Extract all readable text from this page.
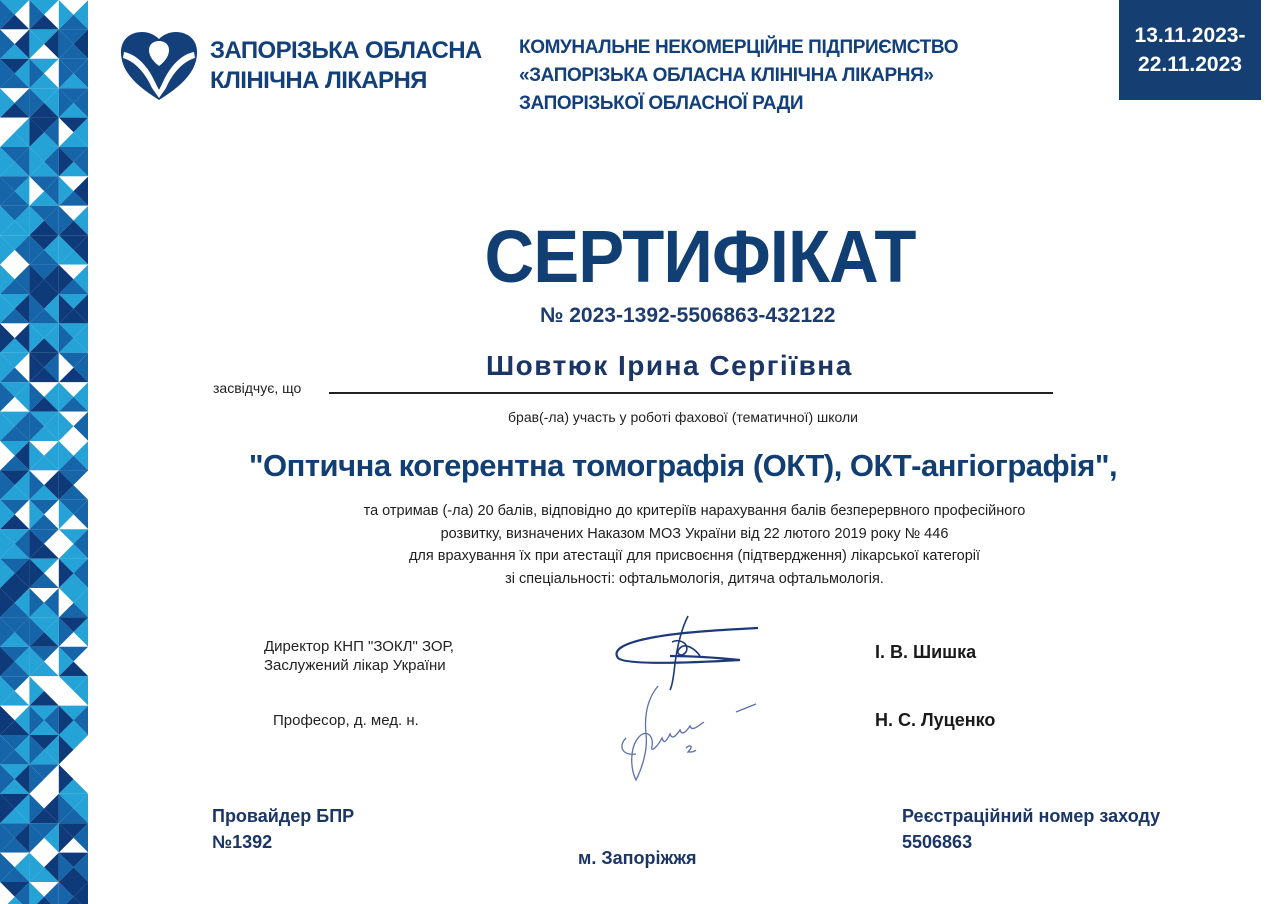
ЗАПОРІЗЬКА ОБЛАСНА
КЛІНІЧНА ЛІКАРНЯ
КОМУНАЛЬНЕ НЕКОМЕРЦІЙНЕ ПІДПРИЄМСТВО
«ЗАПОРІЗЬКА ОБЛАСНА КЛІНІЧНА ЛІКАРНЯ»
ЗАПОРІЗЬКОЇ ОБЛАСНОЇ РАДИ
13.11.2023-
22.11.2023
СЕРТИФІКАТ
№ 2023-1392-5506863-432122
Шовтюк Ірина Сергіївна
засвідчує, що
брав(-ла) участь у роботі фахової (тематичної) школи
"Оптична когерентна томографія (ОКТ), ОКТ-ангіографія",
та отримав (-ла) 20 балів, відповідно до критеріїв нарахування балів безперервного професійного
розвитку, визначених Наказом МОЗ України від 22 лютого 2019 року № 446
для врахування їх при атестації для присвоєння (підтвердження) лікарської категорії
зі спеціальності: офтальмологія, дитяча офтальмологія.
Директор КНП "ЗОКЛ" ЗОР,
Заслужений лікар України
І. В. Шишка
Професор, д. мед. н.	Н. С. Луценко
Провайдер БПР
№1392
м. Запоріжжя
Реєстраційний номер заходу
5506863
